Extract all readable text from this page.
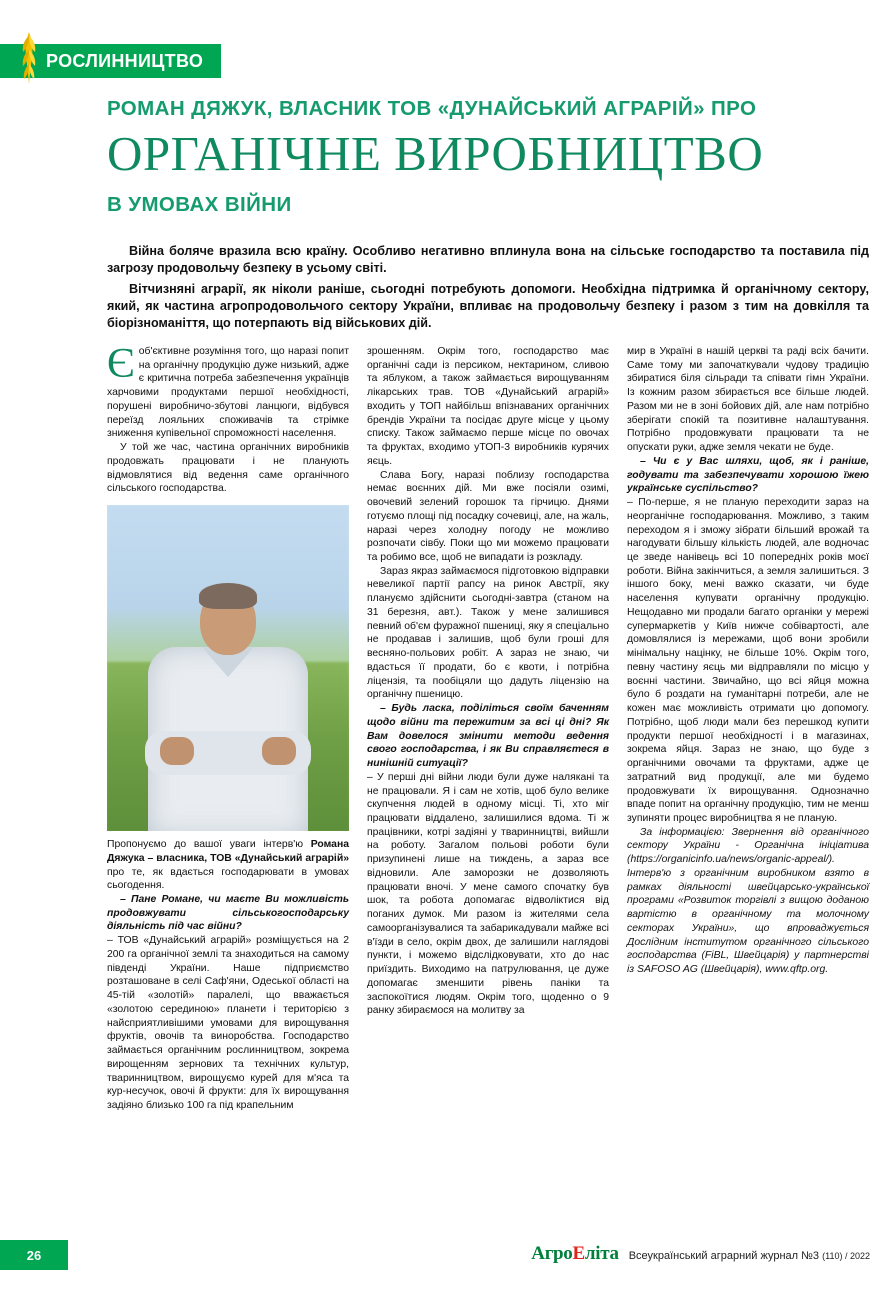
РОСЛИННИЦТВО
РОМАН ДЯЖУК, ВЛАСНИК ТОВ «ДУНАЙСЬКИЙ АГРАРІЙ» ПРО
ОРГАНІЧНЕ ВИРОБНИЦТВО
В УМОВАХ ВІЙНИ

Війна боляче вразила всю країну. Особливо негативно вплинула вона на сільське господарство та поставила під загрозу продовольчу безпеку в усьому світі.

Вітчизняні аграрії, як ніколи раніше, сьогодні потребують допомоги. Необхідна підтримка й органічному сектору, який, як частина агропродовольчого сектору України, впливає на продовольчу безпеку і разом з тим на довкілля та біорізноманіття, що потерпають від військових дій.

Єоб'єктивне розуміння того, що наразі попит на органічну продукцію дуже низький, адже є критична потреба забезпечення українців харчовими продуктами першої необхідності, порушені виробничо-збутові ланцюги, відбувся переїзд лояльних споживачів та стрімке зниження купівельної спроможності населення.

У той же час, частина органічних виробників продовжать працювати і не планують відмовлятися від ведення саме органічного сільського господарства.

Пропонуємо до вашої уваги інтерв'ю Романа Дяжука – власника, ТОВ «Дунайський аграрій» про те, як вдається господарювати в умовах сьогодення.

– Пане Романе, чи маєте Ви можливість продовжувати сільськогосподарську діяльність під час війни?

– ТОВ «Дунайський аграрій» розміщується на 2 200 га органічної землі та знаходиться на самому південді України. Наше підприємство розташоване в селі Саф'яни, Одеської області на 45-тій «золотій» паралелі, що вважається «золотою серединою» планети і територією з найсприятливішими умовами для вирощування фруктів, овочів та виноробства. Господарство займається органічним рослинництвом, зокрема вирощенням зернових та технічних культур, тваринництвом, вирощуємо курей для м'яса та кур-несучок, овочі й фрукти: для їх вирощування задіяно близько 100 га під крапельним

зрошенням. Окрім того, господарство має органічні сади із персиком, нектарином, сливою та яблуком, а також займається вирощуванням лікарських трав. ТОВ «Дунайський аграрій» входить у ТОП найбільш впізнаваних органічних брендів України та посідає друге місце у цьому списку. Також займаємо перше місце по овочах та фруктах, входимо уТОП-3 виробників курячих яєць.

Слава Богу, наразі поблизу господарства немає воєнних дій. Ми вже посіяли озимі, овочевий зелений горошок та гірчицю. Днями готуємо площі під посадку сочевиці, але, на жаль, наразі через холодну погоду не можливо розпочати сівбу. Поки що ми можемо працювати та робимо все, щоб не випадати із розкладу.

Зараз якраз займаємося підготовкою відправки невеликої партії рапсу на ринок Австрії, яку плануємо здійснити сьогодні-завтра (станом на 31 березня, авт.). Також у мене залишився певний об'єм фуражної пшениці, яку я спеціально не продавав і залишив, щоб були гроші для весняно-польових робіт. А зараз не знаю, чи вдасться її продати, бо є квоти, і потрібна ліцензія, та пообіцяли що дадуть ліцензію на органічну пшеницю.

– Будь ласка, поділіться своїм баченням щодо війни та пережитим за всі ці дні? Як Вам довелося змінити методи ведення свого господарства, і як Ви справляєтеся в нинішній ситуації?

– У перші дні війни люди були дуже налякані та не працювали. Я і сам не хотів, щоб було велике скупчення людей в одному місці. Ті, хто міг працювати віддалено, залишилися вдома. Ті ж працівники, котрі задіяні у тваринництві, вийшли на роботу. Загалом польові роботи були призупинені лише на тиждень, а зараз все відновили. Але заморозки не дозволяють працювати вночі. У мене самого спочатку був шок, та робота допомагає відволіктися від поганих думок. Ми разом із жителями села самоорганізувалися та забарикадували майже всі в'їзди в село, окрім двох, де залишили наглядові пункти, і можемо відслідковувати, хто до нас приїздить. Виходимо на патрулювання, це дуже допомагає зменшити рівень паніки та заспокоїтися людям. Окрім того, щоденно о 9 ранку збираємося на молитву за

мир в Україні в нашій церкві та раді всіх бачити. Саме тому ми започаткували чудову традицію збиратися біля сільради та співати гімн України. Із кожним разом збирається все більше людей. Разом ми не в зоні бойових дій, але нам потрібно зберігати спокій та позитивне налаштування. Потрібно продовжувати працювати та не опускати руки, адже земля чекати не буде.

– Чи є у Вас шляхи, щоб, як і раніше, годувати та забезпечувати хорошою їжею українське суспільство?

– По-перше, я не планую переходити зараз на неорганічне господарювання. Можливо, з таким переходом я і зможу зібрати більший врожай та нагодувати більшу кількість людей, але водночас це зведе нанівець всі 10 попередніх років моєї роботи. Війна закінчиться, а земля залишиться. З іншого боку, мені важко сказати, чи буде населення купувати органічну продукцію. Нещодавно ми продали багато органіки у мережі супермаркетів у Київ нижче собівартості, але домовлялися із мережами, щоб вони зробили мінімальну націнку, не більше 10%. Окрім того, певну частину яєць ми відправляли по місцю у воєнні частини. Звичайно, що всі яйця можна було б роздати на гуманітарні потреби, але не кожен має можливість отримати цю допомогу. Потрібно, щоб люди мали без перешкод купити продукти першої необхідності і в магазинах, зокрема яйця. Зараз не знаю, що буде з органічними овочами та фруктами, адже це затратний вид продукції, але ми будемо продовжувати їх вирощування. Однозначно впаде попит на органічну продукцію, тим не менш зупиняти процес виробництва я не планую.

За інформацією: Звернення від органічного сектору України - Органічна ініціатива (https://organicinfo.ua/news/organic-appeal/). Інтерв'ю з органічним виробником взято в рамках діяльності швейцарсько-української програми «Розвиток торгівлі з вищою доданою вартістю в органічному та молочному секторах України», що впроваджується Дослідним інститутом органічного сільського господарства (FiBL, Швейцарія) у партнерстві із SAFOSO AG (Швейцарія), www.qftp.org.

26	АгроЕліта Всеукраїнський аграрний журнал №3 (110) / 2022
